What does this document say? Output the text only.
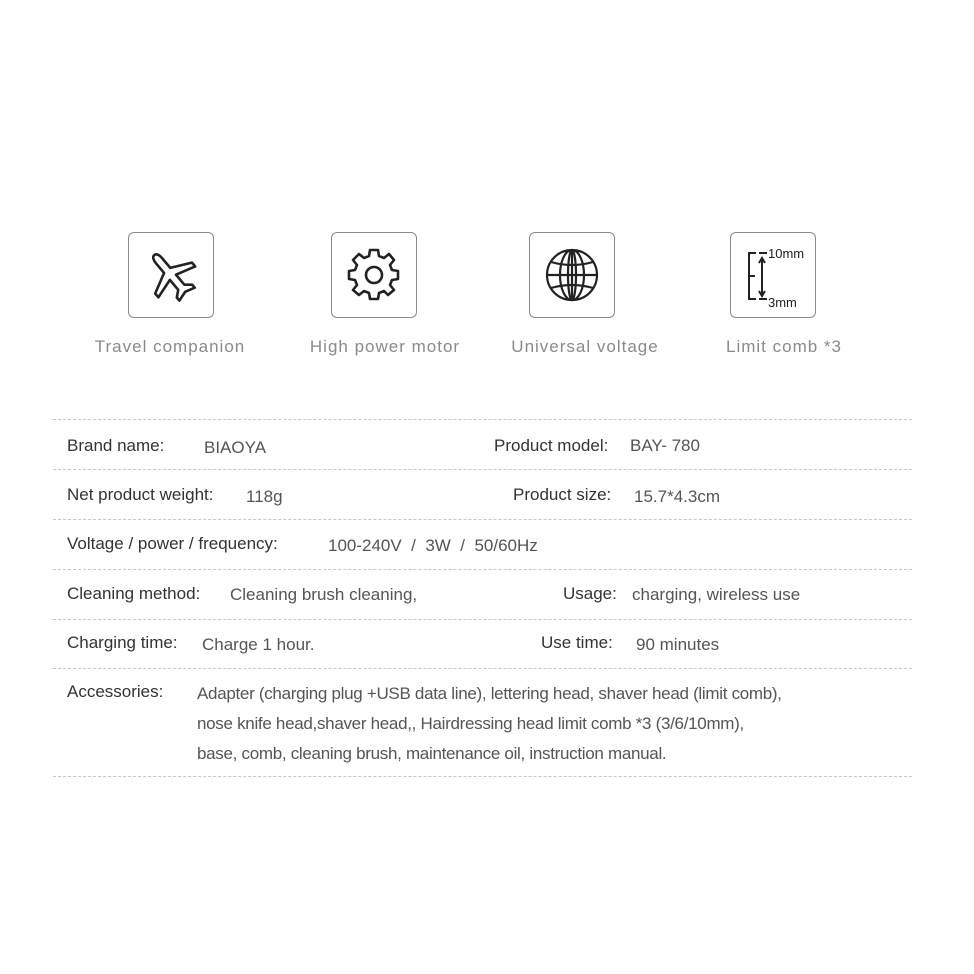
10mm
3mm
Travel companion	High power motor	Universal voltage	Limit comb *3
Brand name: BIAOYA	Product model: BAY- 780
Net product weight: 118g	Product size: 15.7*4.3cm
Voltage / power / frequency:	100-240V  /  3W  /  50/60Hz
Cleaning method: Cleaning brush cleaning,	Usage: charging, wireless use
Charging time: Charge 1 hour.	Use time: 90 minutes
Accessories: Adapter (charging plug +USB data line), lettering head, shaver head (limit comb),
nose knife head,shaver head,, Hairdressing head limit comb *3 (3/6/10mm),
base, comb, cleaning brush, maintenance oil, instruction manual.
